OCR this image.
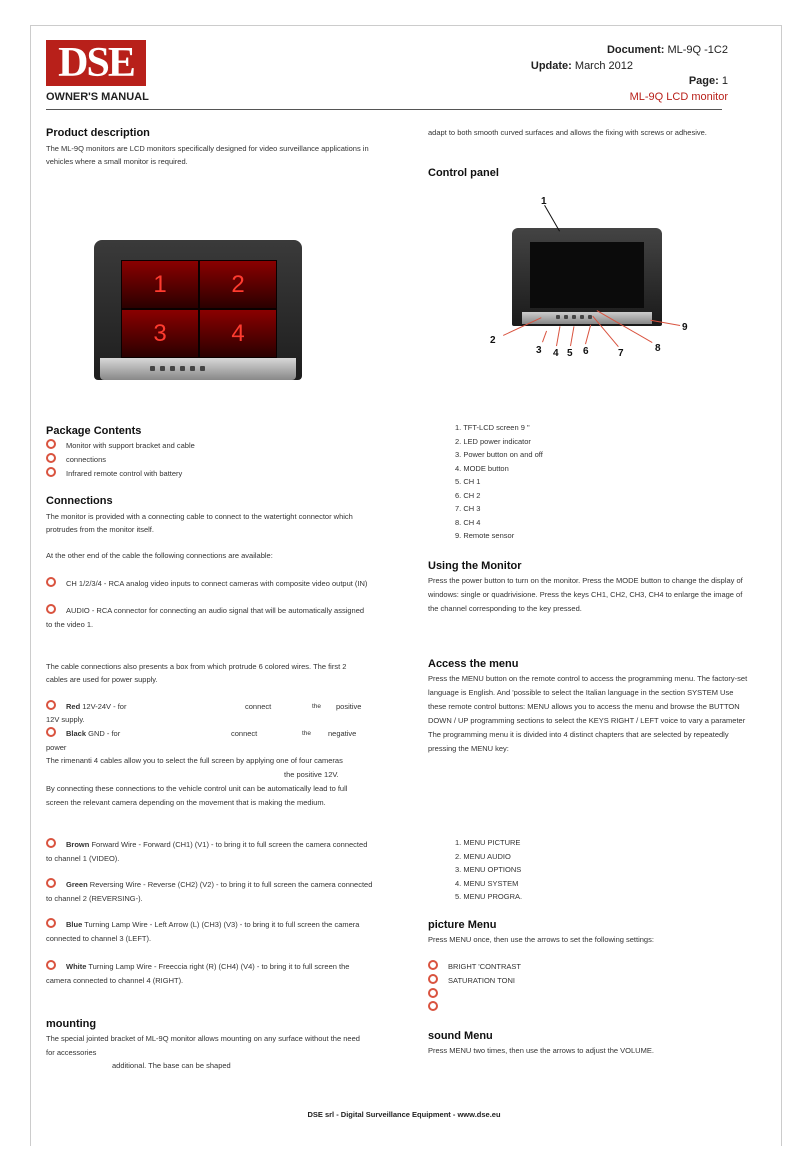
DSE
OWNER'S MANUAL
Document: ML-9Q -1C2
Update: March 2012
Page: 1
ML-9Q LCD monitor
Product description

The ML-9Q monitors are LCD monitors specifically designed for video surveillance applications in

vehicles where a small monitor is required.

1	2
3	4
Package Contents
Monitor with support bracket and cable
connections
Infrared remote control with battery
Connections

The monitor is provided with a connecting cable to connect to the watertight connector which

protrudes from the monitor itself.

At the other end of the cable the following connections are available:

CH 1/2/3/4 - RCA analog video inputs to connect cameras with composite video output (IN)
AUDIO - RCA connector for connecting an audio signal that will be automatically assigned

to the video 1.

The cable connections also presents a box from which protrude 6 colored wires. The first 2

cables are used for power supply.

Red 12V-24V - for	connect	the positive

12V supply.

Black GND - for	connect	the negative

power

The rimenanti 4 cables allow you to select the full screen by applying one of four cameras

the positive 12V.

By connecting these connections to the vehicle control unit can be automatically lead to full

screen the relevant camera depending on the movement that is making the medium.

Brown Forward Wire - Forward (CH1) (V1) - to bring it to full screen the camera connected

to channel 1 (VIDEO).

Green Reversing Wire - Reverse (CH2) (V2) - to bring it to full screen the camera connected

to channel 2 (REVERSING-).

Blue Turning Lamp Wire - Left Arrow (L) (CH3) (V3) - to bring it to full screen the camera

connected to channel 3 (LEFT).

White Turning Lamp Wire - Freeccia right (R) (CH4) (V4) - to bring it to full screen the

camera connected to channel 4 (RIGHT).

mounting

The special jointed bracket of ML-9Q monitor allows mounting on any surface without the need

for accessories

additional. The base can be shaped

adapt to both smooth curved surfaces and allows the fixing with screws or adhesive.

Control panel
1
2
3 4 5 6	7	8
9
1. TFT-LCD screen 9 "
2. LED power indicator
3. Power button on and off
4. MODE button
5. CH 1
6. CH 2
7. CH 3
8. CH 4
9. Remote sensor
Using the Monitor

Press the power button to turn on the monitor. Press the MODE button to change the display of

windows: single or quadrivisione. Press the keys CH1, CH2, CH3, CH4 to enlarge the image of

the channel corresponding to the key pressed.

Access the menu

Press the MENU button on the remote control to access the programming menu. The factory-set

language is English. And 'possible to select the Italian language in the section SYSTEM Use

these remote control buttons: MENU allows you to access the menu and browse the BUTTON

DOWN / UP programming sections to select the KEYS RIGHT / LEFT voice to vary a parameter

The programming menu it is divided into 4 distinct chapters that are selected by repeatedly

pressing the MENU key:

1. MENU PICTURE
2. MENU AUDIO
3. MENU OPTIONS
4. MENU SYSTEM
5. MENU PROGRA.
picture Menu

Press MENU once, then use the arrows to set the following settings:

BRIGHT 'CONTRAST
SATURATION TONI
sound Menu

Press MENU two times, then use the arrows to adjust the VOLUME.

DSE srl - Digital Surveillance Equipment - www.dse.eu
